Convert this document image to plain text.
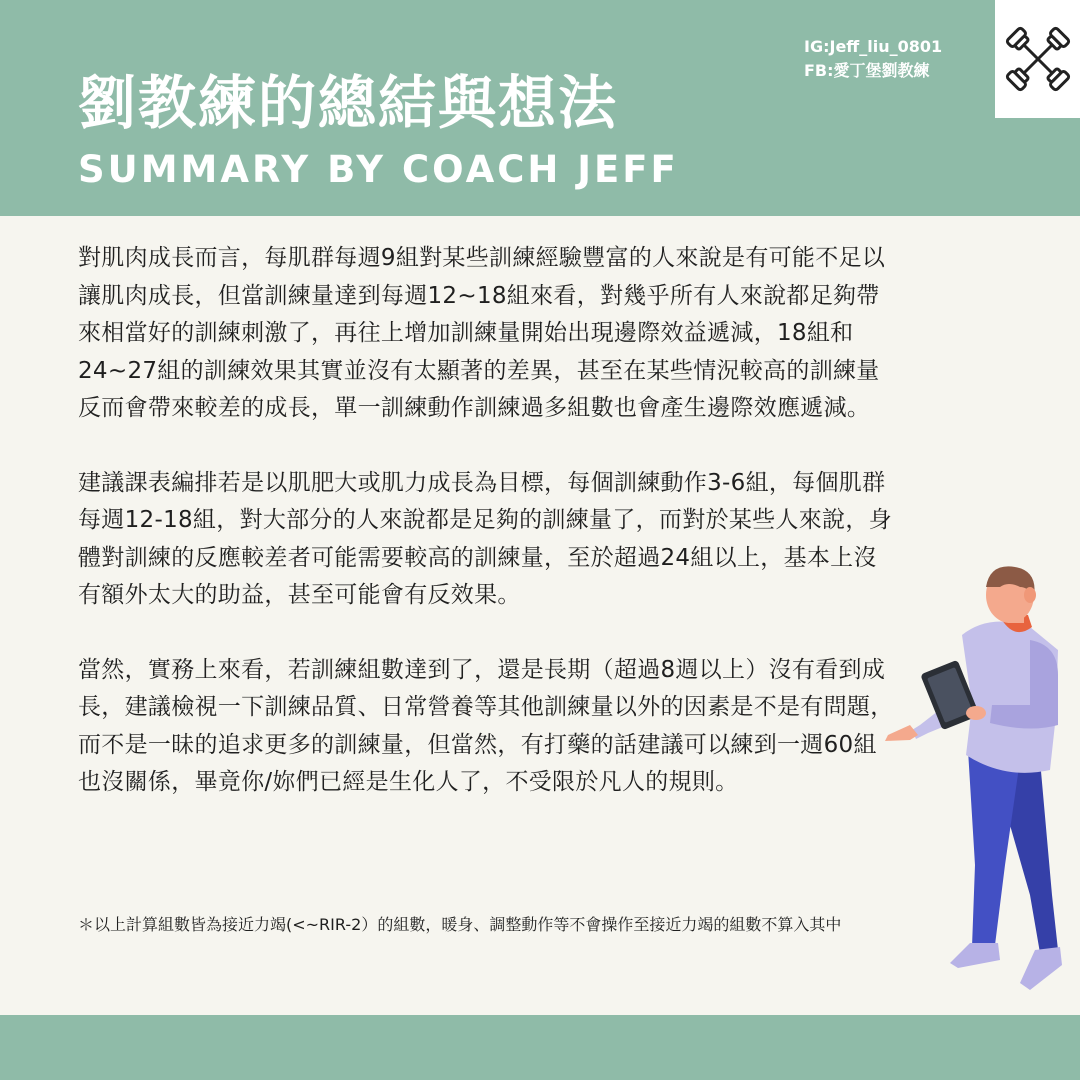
劉教練的總結與想法
SUMMARY BY COACH JEFF
IG:Jeff_liu_0801
FB:愛丁堡劉教練

對肌肉成長而言，每肌群每週9組對某些訓練經驗豐富的人來說是有可能不足以讓肌肉成長，但當訓練量達到每週12~18組來看，對幾乎所有人來說都足夠帶來相當好的訓練刺激了，再往上增加訓練量開始出現邊際效益遞減，18組和24~27組的訓練效果其實並沒有太顯著的差異，甚至在某些情況較高的訓練量反而會帶來較差的成長，單一訓練動作訓練過多組數也會產生邊際效應遞減。

建議課表編排若是以肌肥大或肌力成長為目標，每個訓練動作3-6組，每個肌群每週12-18組，對大部分的人來說都是足夠的訓練量了，而對於某些人來說，身體對訓練的反應較差者可能需要較高的訓練量，至於超過24組以上，基本上沒有額外太大的助益，甚至可能會有反效果。

當然，實務上來看，若訓練組數達到了，還是長期（超過8週以上）沒有看到成長，建議檢視一下訓練品質、日常營養等其他訓練量以外的因素是不是有問題，而不是一昧的追求更多的訓練量，但當然，有打藥的話建議可以練到一週60組也沒關係，畢竟你/妳們已經是生化人了，不受限於凡人的規則。

＊以上計算組數皆為接近力竭(<~RIR-2）的組數，暖身、調整動作等不會操作至接近力竭的組數不算入其中
